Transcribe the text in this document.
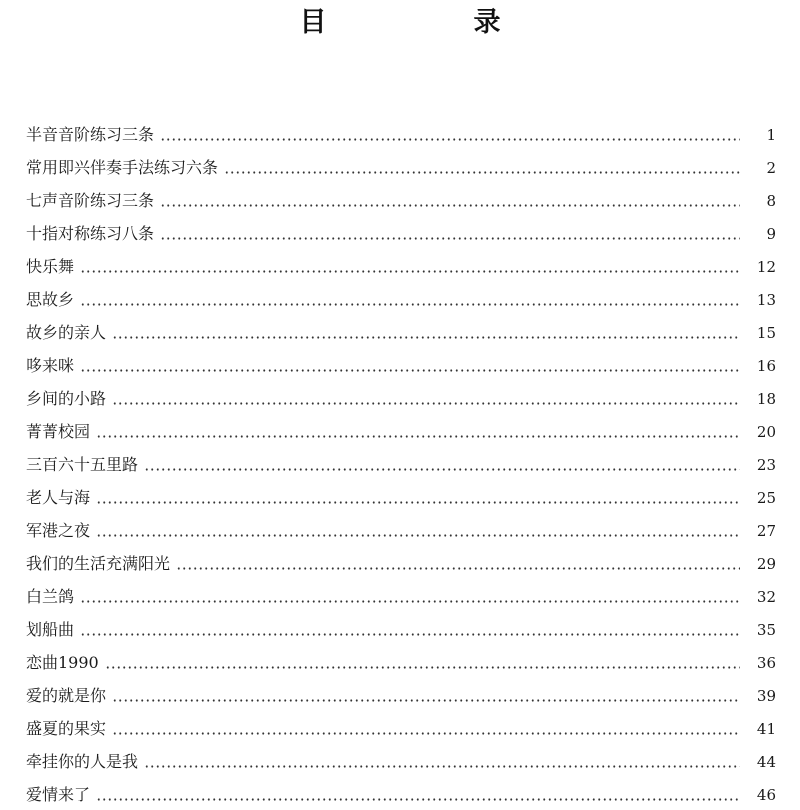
目　录
半音音阶练习三条	1
常用即兴伴奏手法练习六条	2
七声音阶练习三条	8
十指对称练习八条	9
快乐舞	12
思故乡	13
故乡的亲人	15
哆来咪	16
乡间的小路	18
菁菁校园	20
三百六十五里路	23
老人与海	25
军港之夜	27
我们的生活充满阳光	29
白兰鸽	32
划船曲	35
恋曲1990	36
爱的就是你	39
盛夏的果实	41
牵挂你的人是我	44
爱情来了	46
